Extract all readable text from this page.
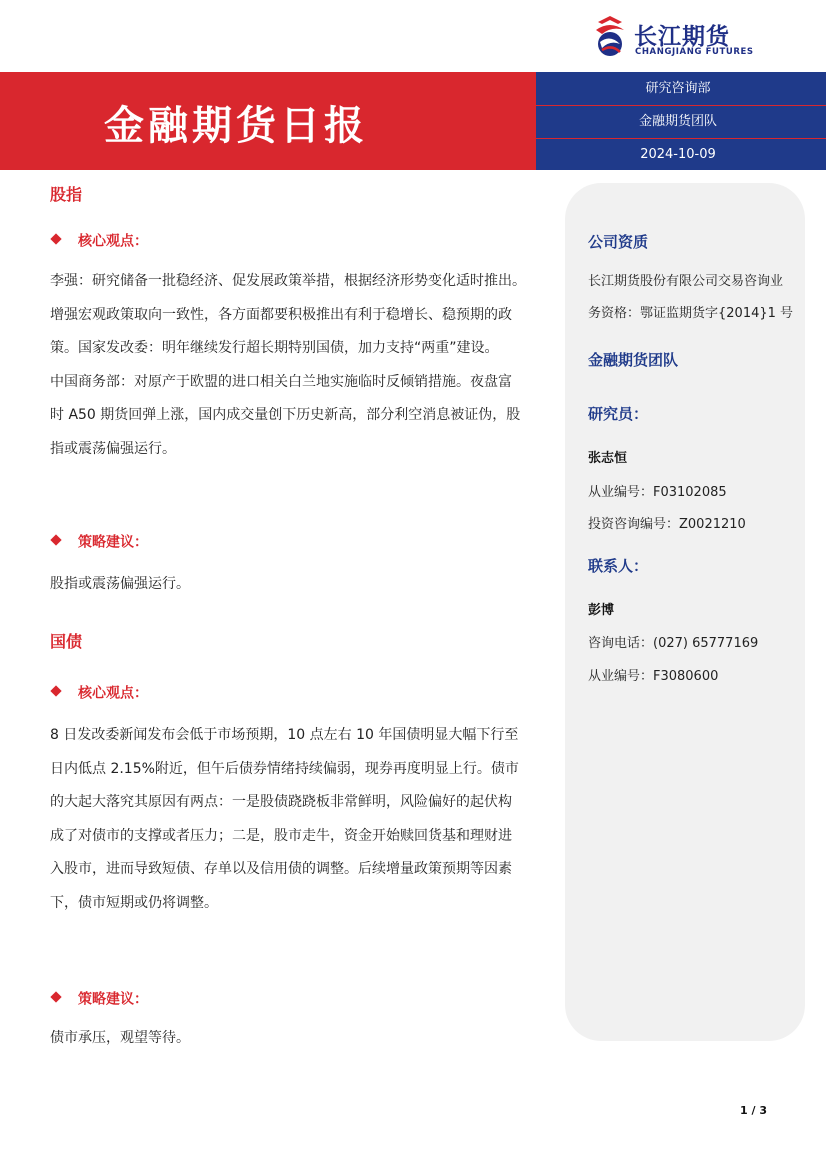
长江期货
CHANGJIANG FUTURES
金融期货日报
研究咨询部
金融期货团队
2024-10-09
股指
核心观点：
李强：研究储备一批稳经济、促发展政策举措，根据经济形势变化适时推出。
增强宏观政策取向一致性，各方面都要积极推出有利于稳增长、稳预期的政
策。国家发改委：明年继续发行超长期特别国债，加力支持“两重”建设。
中国商务部：对原产于欧盟的进口相关白兰地实施临时反倾销措施。夜盘富
时 A50 期货回弹上涨，国内成交量创下历史新高，部分利空消息被证伪，股
指或震荡偏强运行。
策略建议：
股指或震荡偏强运行。
国债
核心观点：
8 日发改委新闻发布会低于市场预期，10 点左右 10 年国债明显大幅下行至
日内低点 2.15%附近，但午后债券情绪持续偏弱，现券再度明显上行。债市
的大起大落究其原因有两点：一是股债跷跷板非常鲜明，风险偏好的起伏构
成了对债市的支撑或者压力；二是，股市走牛，资金开始赎回货基和理财进
入股市，进而导致短债、存单以及信用债的调整。后续增量政策预期等因素
下，债市短期或仍将调整。
策略建议：
债市承压，观望等待。
公司资质
长江期货股份有限公司交易咨询业
务资格：鄂证监期货字{2014}1 号
金融期货团队
研究员：
张志恒
从业编号：F03102085
投资咨询编号：Z0021210
联系人：
彭博
咨询电话：(027) 65777169
从业编号：F3080600
1 / 3
